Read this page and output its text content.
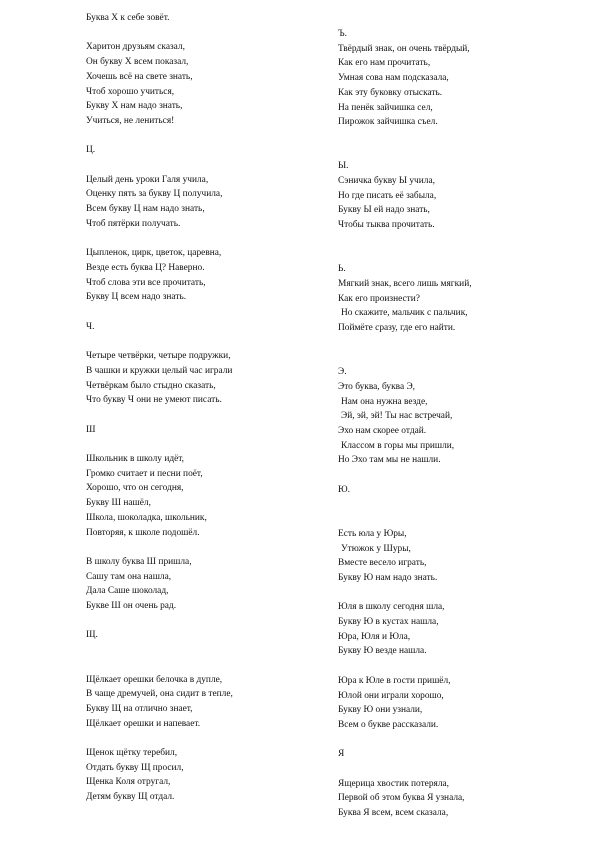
Буква Х к себе зовёт.
Харитон друзьям сказал,
Он букву Х всем показал,
Хочешь всё на свете знать,
Чтоб хорошо учиться,
Букву Х нам надо знать,
Учиться, не лениться!
Ц.
Целый день уроки Галя учила,
Оценку пять за букву Ц получила,
Всем букву Ц нам надо знать,
Чтоб пятёрки получать.
Цыпленок, цирк, цветок, царевна,
Везде есть буква Ц? Наверно.
Чтоб слова эти все прочитать,
Букву Ц всем надо знать.
Ч.
Четыре четвёрки, четыре подружки,
В чашки и кружки целый час играли
Четвёркам было стыдно сказать,
Что букву Ч они не умеют писать.
Ш
Школьник в школу идёт,
Громко считает и песни поёт,
Хорошо, что он сегодня,
Букву Ш нашёл,
Школа, шоколадка, школьник,
Повторяя, к школе подошёл.
В школу буква Ш пришла,
Сашу там она нашла,
Дала Саше шоколад,
Букве Ш он очень рад.
Щ.
Щёлкает орешки белочка в дупле,
В чаще дремучей, она сидит в тепле,
Букву Щ на отлично знает,
Щёлкает орешки и напевает.
Щенок щётку теребил,
Отдать букву Щ просил,
Щенка Коля отругал,
Детям букву Щ отдал.
Ъ.
Твёрдый знак, он очень твёрдый,
Как его нам прочитать,
Умная сова нам подсказала,
Как эту буковку отыскать.
На пенёк зайчишка сел,
Пирожок зайчишка съел.
Ы.
Сэничка букву Ы учила,
Но где писать её забыла,
Букву Ы ей надо знать,
Чтобы тыква прочитать.
Ь.
Мягкий знак, всего лишь мягкий,
Как его произнести?
Но скажите, мальчик с пальчик,
Поймёте сразу, где его найти.
Э.
Это буква, буква Э,
Нам она нужна везде,
Эй, эй, эй! Ты нас встречай,
Эхо нам скорее отдай.
Классом в горы мы пришли,
Но Эхо там мы не нашли.
Ю.
Есть юла у Юры,
Утюжок у Шуры,
Вместе весело играть,
Букву Ю нам надо знать.
Юля в школу сегодня шла,
Букву Ю в кустах нашла,
Юра, Юля и Юла,
Букву Ю везде нашла.
Юра к Юле в гости пришёл,
Юлой они играли хорошо,
Букву Ю они узнали,
Всем о букве рассказали.
Я
Ящерица хвостик потеряла,
Первой об этом буква Я узнала,
Буква Я всем, всем сказала,
